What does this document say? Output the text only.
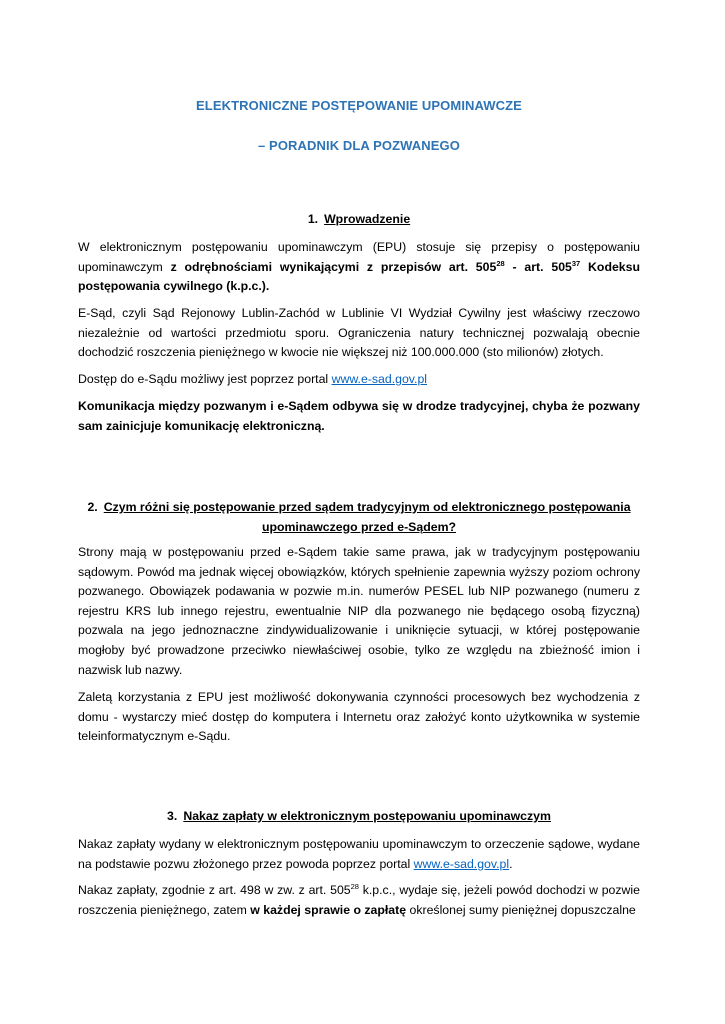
ELEKTRONICZNE POSTĘPOWANIE UPOMINAWCZE
– PORADNIK DLA POZWANEGO
1. Wprowadzenie

W elektronicznym postępowaniu upominawczym (EPU) stosuje się przepisy o postępowaniu upominawczym z odrębnościami wynikającymi z przepisów art. $505^{28}$ - art. $505^{37}$ Kodeksu postępowania cywilnego (k.p.c.).

E-Sąd, czyli Sąd Rejonowy Lublin-Zachód w Lublinie VI Wydział Cywilny jest właściwy rzeczowo niezależnie od wartości przedmiotu sporu. Ograniczenia natury technicznej pozwalają obecnie dochodzić roszczenia pieniężnego w kwocie nie większej niż 100.000.000 (sto milionów) złotych.

Dostęp do e-Sądu możliwy jest poprzez portal www.e-sad.gov.pl

Komunikacja między pozwanym i e-Sądem odbywa się w drodze tradycyjnej, chyba że pozwany sam zainicjuje komunikację elektroniczną.

2. Czym różni się postępowanie przed sądem tradycyjnym od elektronicznego postępowania
upominawczego przed e-Sądem?

Strony mają w postępowaniu przed e-Sądem takie same prawa, jak w tradycyjnym postępowaniu sądowym. Powód ma jednak więcej obowiązków, których spełnienie zapewnia wyższy poziom ochrony pozwanego. Obowiązek podawania w pozwie m.in. numerów PESEL lub NIP pozwanego (numeru z rejestru KRS lub innego rejestru, ewentualnie NIP dla pozwanego nie będącego osobą fizyczną) pozwala na jego jednoznaczne zindywidualizowanie i uniknięcie sytuacji, w której postępowanie mogłoby być prowadzone przeciwko niewłaściwej osobie, tylko ze względu na zbieżność imion i nazwisk lub nazwy.

Zaletą korzystania z EPU jest możliwość dokonywania czynności procesowych bez wychodzenia z domu - wystarczy mieć dostęp do komputera i Internetu oraz założyć konto użytkownika w systemie teleinformatycznym e-Sądu.

3. Nakaz zapłaty w elektronicznym postępowaniu upominawczym

Nakaz zapłaty wydany w elektronicznym postępowaniu upominawczym to orzeczenie sądowe, wydane na podstawie pozwu złożonego przez powoda poprzez portal www.e-sad.gov.pl.

Nakaz zapłaty, zgodnie z art. 498 w zw. z art. $505^{28}$ k.p.c., wydaje się, jeżeli powód dochodzi w pozwie roszczenia pieniężnego, zatem w każdej sprawie o zapłatę określonej sumy pieniężnej dopuszczalne
